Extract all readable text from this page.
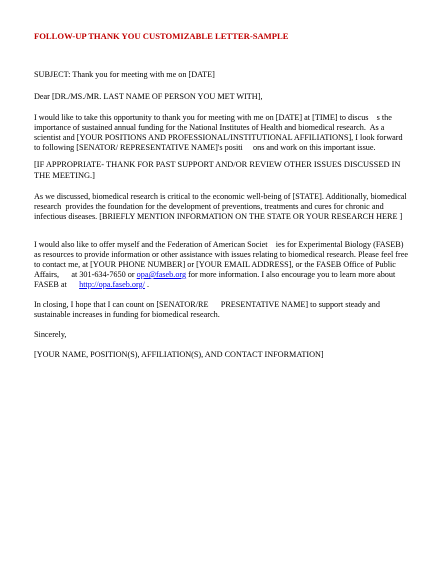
FOLLOW-UP THANK YOU CUSTOMIZABLE LETTER-SAMPLE
SUBJECT: Thank you for meeting with me on [DATE]
Dear [DR./MS./MR. LAST NAME OF PERSON YOU MET WITH],
I would like to take this opportunity to thank you for meeting with me on [DATE] at [TIME] to discus    s the importance of sustained annual funding for the National Institutes of Health and biomedical research.  As a scientist and [YOUR POSITIONS AND PROFESSIONAL/INSTITUTIONAL AFFILIATIONS], I look forward to following [SENATOR/ REPRESENTATIVE NAME]'s positi     ons and work on this important issue.
[IF APPROPRIATE- THANK FOR PAST SUPPORT AND/OR REVIEW OTHER ISSUES DISCUSSED IN THE MEETING.]
As we discussed, biomedical research is critical to the economic well-being of [STATE]. Additionally, biomedical research  provides the foundation for the development of preventions, treatments and cures for chronic and infectious diseases. [BRIEFLY MENTION INFORMATION ON THE STATE OR YOUR RESEARCH HERE ]
I would also like to offer myself and the Federation of American Societ    ies for Experimental Biology (FASEB) as resources to provide information or other assistance with issues relating to biomedical research. Please feel free to contact me, at [YOUR PHONE NUMBER] or [YOUR EMAIL ADDRESS], or the FASEB Office of Public Affairs,      at 301-634-7650 or opa@faseb.org for more information. I also encourage you to learn more about FASEB at      http://opa.faseb.org/ .
In closing, I hope that I can count on [SENATOR/RE      PRESENTATIVE NAME] to support steady and sustainable increases in funding for biomedical research.
Sincerely,
[YOUR NAME, POSITION(S), AFFILIATION(S), AND CONTACT INFORMATION]
